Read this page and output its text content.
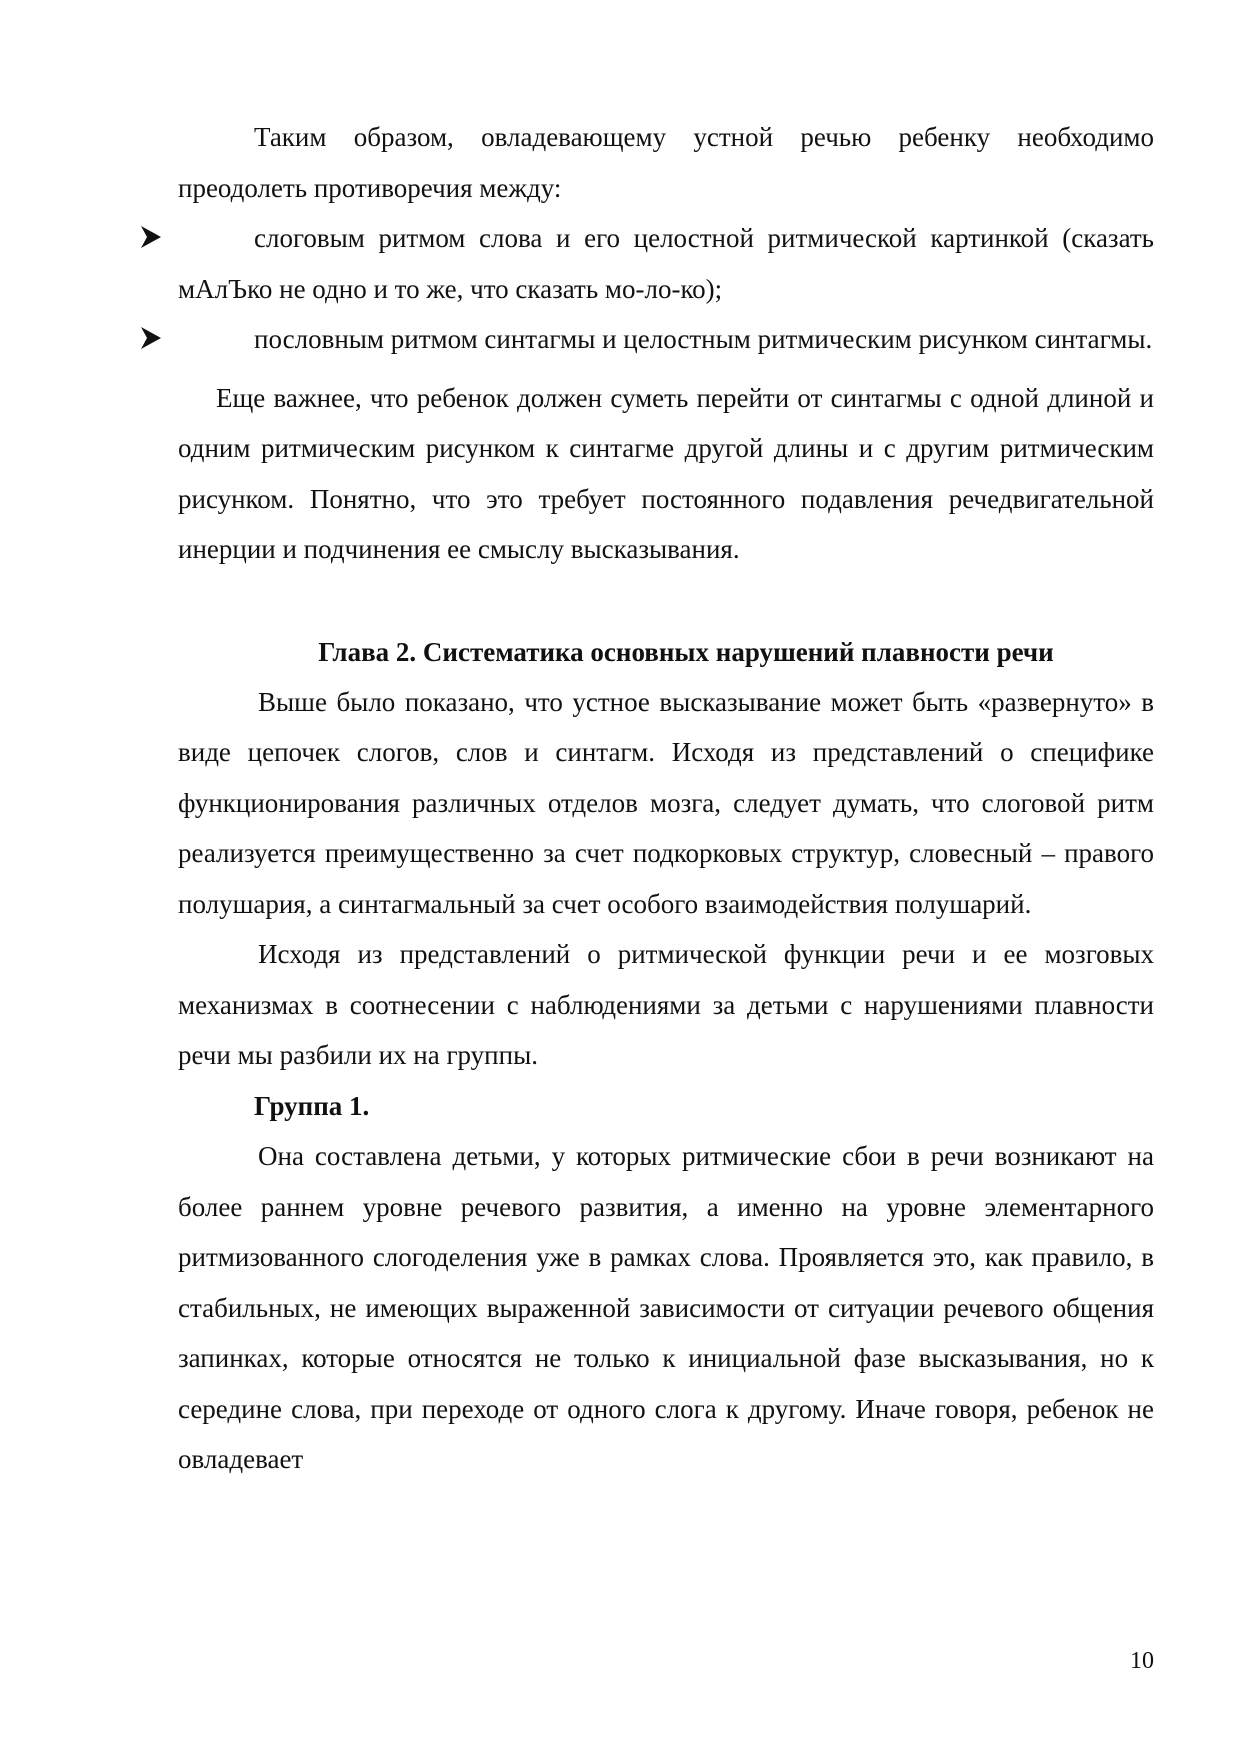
Таким образом, овладевающему устной речью ребенку необходимо преодолеть противоречия между:

слоговым ритмом слова и его целостной ритмической картинкой (сказать мАлЪко не одно и то же, что сказать мо-ло-ко);

пословным ритмом синтагмы и целостным ритмическим рисунком синтагмы.

Еще важнее, что ребенок должен суметь перейти от синтагмы с одной длиной и одним ритмическим рисунком к синтагме другой длины и с другим ритмическим рисунком. Понятно, что это требует постоянного подавления речедвигательной инерции и подчинения ее смыслу высказывания.

Глава 2. Систематика основных нарушений плавности речи

Выше было показано, что устное высказывание может быть «развернуто» в виде цепочек слогов, слов и синтагм. Исходя из представлений о специфике функционирования различных отделов мозга, следует думать, что слоговой ритм реализуется преимущественно за счет подкорковых структур, словесный – правого полушария, а синтагмальный за счет особого взаимодействия полушарий.

Исходя из представлений о ритмической функции речи и ее мозговых механизмах в соотнесении с наблюдениями за детьми с нарушениями плавности речи мы разбили их на группы.

Группа 1.

Она составлена детьми, у которых ритмические сбои в речи возникают на более раннем уровне речевого развития, а именно на уровне элементарного ритмизованного слогоделения уже в рамках слова. Проявляется это, как правило, в стабильных, не имеющих выраженной зависимости от ситуации речевого общения запинках, которые относятся не только к инициальной фазе высказывания, но к середине слова, при переходе от одного слога к другому. Иначе говоря, ребенок не овладевает

10
